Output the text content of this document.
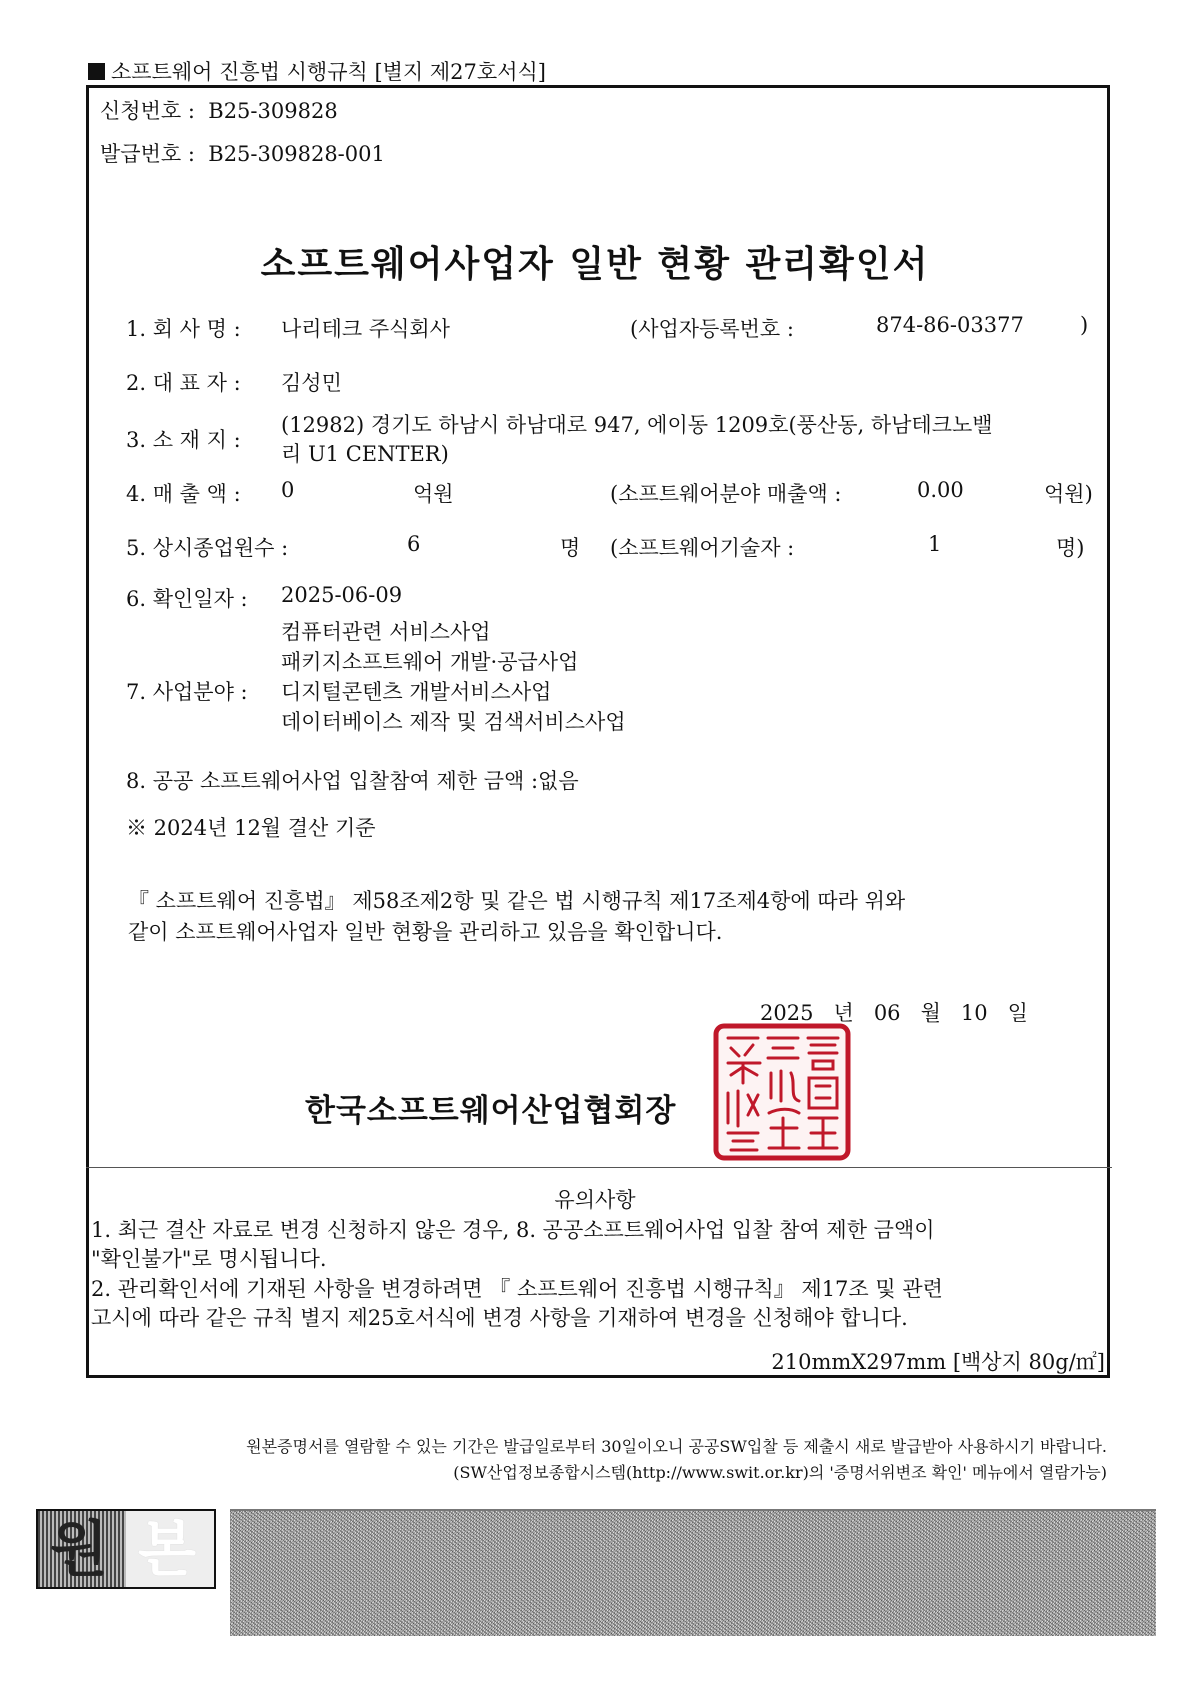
소프트웨어 진흥법 시행규칙 [별지 제27호서식]
신청번호 : B25-309828
발급번호 : B25-309828-001
소프트웨어사업자 일반 현황 관리확인서
1. 회 사 명 : 나리테크 주식회사	(사업자등록번호 :	874-86-03377	)
2. 대 표 자 : 김성민
3. 소 재 지 :
(12982) 경기도 하남시 하남대로 947, 에이동 1209호(풍산동, 하남테크노밸
리 U1 CENTER)
4. 매 출 액 : 0	억원	(소프트웨어분야 매출액 :	0.00	억원)
5. 상시종업원수 :	6	명 (소프트웨어기술자 :	1	명)
6. 확인일자 : 2025-06-09
컴퓨터관련 서비스사업
패키지소프트웨어 개발·공급사업
7. 사업분야 : 디지털콘텐츠 개발서비스사업
데이터베이스 제작 및 검색서비스사업
8. 공공 소프트웨어사업 입찰참여 제한 금액 :없음
※ 2024년 12월 결산 기준
『 소프트웨어 진흥법』 제58조제2항 및 같은 법 시행규칙 제17조제4항에 따라 위와
같이 소프트웨어사업자 일반 현황을 관리하고 있음을 확인합니다.
2025 년 06 월 10 일
한국소프트웨어산업협회장
유의사항
1. 최근 결산 자료로 변경 신청하지 않은 경우, 8. 공공소프트웨어사업 입찰 참여 제한 금액이
"확인불가"로 명시됩니다.
2. 관리확인서에 기재된 사항을 변경하려면 『 소프트웨어 진흥법 시행규칙』 제17조 및 관련
고시에 따라 같은 규칙 별지 제25호서식에 변경 사항을 기재하여 변경을 신청해야 합니다.
210mmX297mm [백상지 80g/㎡]
원본증명서를 열람할 수 있는 기간은 발급일로부터 30일이오니 공공SW입찰 등 제출시 새로 발급받아 사용하시기 바랍니다.
(SW산업정보종합시스템(http://www.swit.or.kr)의 '증명서위변조 확인' 메뉴에서 열람가능)
원 본
